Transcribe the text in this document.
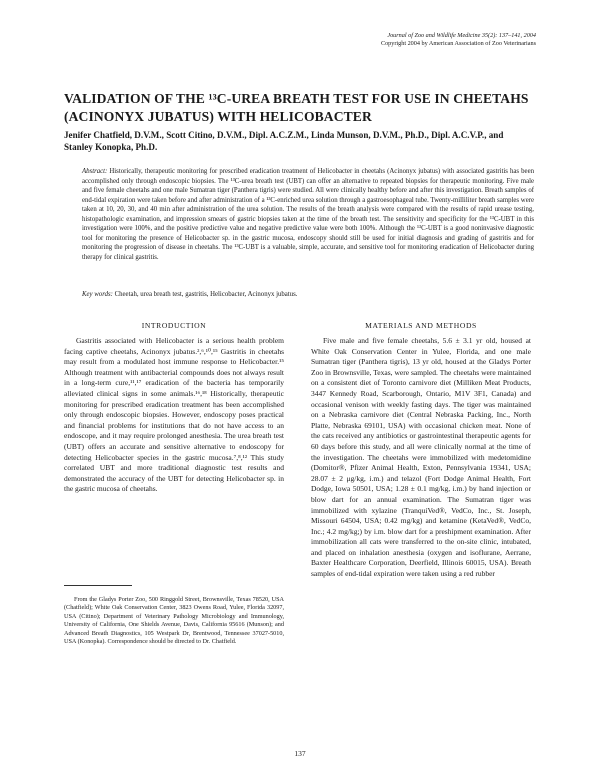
Journal of Zoo and Wildlife Medicine 35(2): 137–141, 2004
Copyright 2004 by American Association of Zoo Veterinarians
VALIDATION OF THE ¹³C-UREA BREATH TEST FOR USE IN CHEETAHS (ACINONYX JUBATUS) WITH HELICOBACTER
Jenifer Chatfield, D.V.M., Scott Citino, D.V.M., Dipl. A.C.Z.M., Linda Munson, D.V.M., Ph.D., Dipl. A.C.V.P., and Stanley Konopka, Ph.D.
Abstract: Historically, therapeutic monitoring for prescribed eradication treatment of Helicobacter in cheetahs (Acinonyx jubatus) with associated gastritis has been accomplished only through endoscopic biopsies. The ¹³C-urea breath test (UBT) can offer an alternative to repeated biopsies for therapeutic monitoring. Five male and five female cheetahs and one male Sumatran tiger (Panthera tigris) were studied. All were clinically healthy before and after this investigation. Breath samples of end-tidal expiration were taken before and after administration of a ¹³C-enriched urea solution through a gastroesophageal tube. Twenty-milliliter breath samples were taken at 10, 20, 30, and 40 min after administration of the urea solution. The results of the breath analysis were compared with the results of rapid urease testing, histopathologic examination, and impression smears of gastric biopsies taken at the time of the breath test. The sensitivity and specificity for the ¹³C-UBT in this investigation were 100%, and the positive predictive value and negative predictive value were both 100%. Although the ¹³C-UBT is a good noninvasive diagnostic tool for monitoring the presence of Helicobacter sp. in the gastric mucosa, endoscopy should still be used for initial diagnosis and grading of gastritis and for monitoring the progression of disease in cheetahs. The ¹³C-UBT is a valuable, simple, accurate, and sensitive tool for monitoring eradication of Helicobacter during therapy for clinical gastritis.
Key words: Cheetah, urea breath test, gastritis, Helicobacter, Acinonyx jubatus.
INTRODUCTION	MATERIALS AND METHODS

Gastritis associated with Helicobacter is a serious health problem facing captive cheetahs, Acinonyx jubatus.²,⁶,¹⁰,¹⁵ Gastritis in cheetahs may result from a modulated host immune response to Helicobacter.¹⁵ Although treatment with antibacterial compounds does not always result in a long-term cure,¹¹,¹⁷ eradication of the bacteria has temporarily alleviated clinical signs in some animals.¹⁶,¹⁸ Historically, therapeutic monitoring for prescribed eradication treatment has been accomplished only through endoscopic biopsies. However, endoscopy poses practical and financial problems for institutions that do not have access to an endoscope, and it may require prolonged anesthesia. The urea breath test (UBT) offers an accurate and sensitive alternative to endoscopy for detecting Helicobacter species in the gastric mucosa.⁷,⁸,¹² This study correlated UBT and more traditional diagnostic test results and demonstrated the accuracy of the UBT for detecting Helicobacter sp. in the gastric mucosa of cheetahs.

Five male and five female cheetahs, 5.6 ± 3.1 yr old, housed at White Oak Conservation Center in Yulee, Florida, and one male Sumatran tiger (Panthera tigris), 13 yr old, housed at the Gladys Porter Zoo in Brownsville, Texas, were sampled. The cheetahs were maintained on a consistent diet of Toronto carnivore diet (Milliken Meat Products, 3447 Kennedy Road, Scarborough, Ontario, M1V 3F1, Canada) and occasional venison with weekly fasting days. The tiger was maintained on a Nebraska carnivore diet (Central Nebraska Packing, Inc., North Platte, Nebraska 69101, USA) with occasional chicken meat. None of the cats received any antibiotics or gastrointestinal therapeutic agents for 60 days before this study, and all were clinically normal at the time of the investigation. The cheetahs were immobilized with medetomidine (Domitor®, Pfizer Animal Health, Exton, Pennsylvania 19341, USA; 28.07 ± 2 μg/kg, i.m.) and telazol (Fort Dodge Animal Health, Fort Dodge, Iowa 50501, USA; 1.28 ± 0.1 mg/kg, i.m.) by hand injection or blow dart for an annual examination. The Sumatran tiger was immobilized with xylazine (TranquiVed®, VedCo, Inc., St. Joseph, Missouri 64504, USA; 0.42 mg/kg) and ketamine (KetaVed®, VedCo, Inc.; 4.2 mg/kg;) by i.m. blow dart for a preshipment examination. After immobilization all cats were transferred to the on-site clinic, intubated, and placed on inhalation anesthesia (oxygen and isoflurane, Aerrane, Baxter Healthcare Corporation, Deerfield, Illinois 60015, USA). Breath samples of end-tidal expiration were taken using a red rubber

From the Gladys Porter Zoo, 500 Ringgold Street, Brownsville, Texas 78520, USA (Chatfield); White Oak Conservation Center, 3823 Owens Road, Yulee, Florida 32097, USA (Citino); Department of Veterinary Pathology Microbiology and Immunology, University of California, One Shields Avenue, Davis, California 95616 (Munson); and Advanced Breath Diagnostics, 105 Westpark Dr, Brentwood, Tennessee 37027-5010, USA (Konopka). Correspondence should be directed to Dr. Chatfield.
137
